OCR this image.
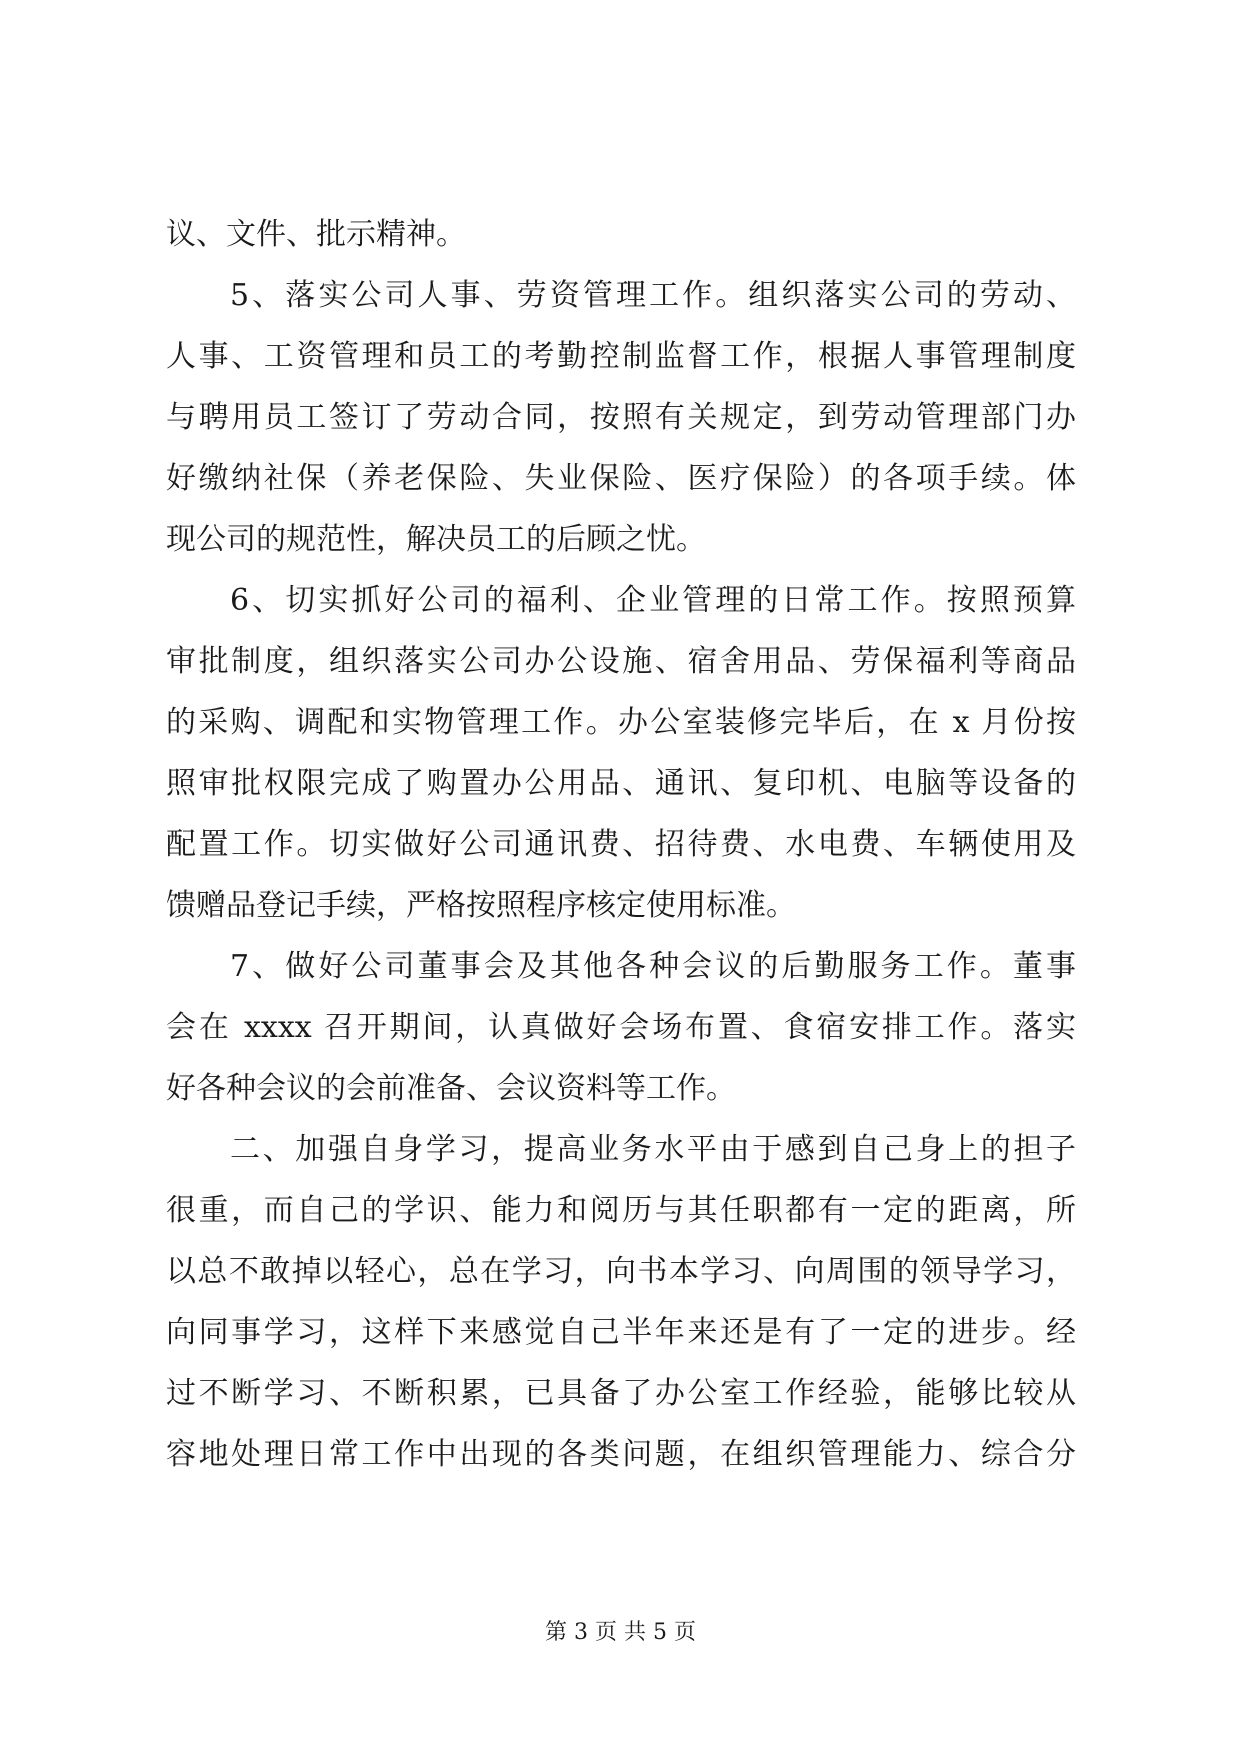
议、文件、批示精神。
5、落实公司人事、劳资管理工作。组织落实公司的劳动、
人事、工资管理和员工的考勤控制监督工作，根据人事管理制度
与聘用员工签订了劳动合同，按照有关规定，到劳动管理部门办
好缴纳社保（养老保险、失业保险、医疗保险）的各项手续。体
现公司的规范性，解决员工的后顾之忧。
6、切实抓好公司的福利、企业管理的日常工作。按照预算
审批制度，组织落实公司办公设施、宿舍用品、劳保福利等商品
的采购、调配和实物管理工作。办公室装修完毕后，在 x 月份按
照审批权限完成了购置办公用品、通讯、复印机、电脑等设备的
配置工作。切实做好公司通讯费、招待费、水电费、车辆使用及
馈赠品登记手续，严格按照程序核定使用标准。
7、做好公司董事会及其他各种会议的后勤服务工作。董事
会在 xxxx 召开期间，认真做好会场布置、食宿安排工作。落实
好各种会议的会前准备、会议资料等工作。
二、加强自身学习，提高业务水平由于感到自己身上的担子
很重，而自己的学识、能力和阅历与其任职都有一定的距离，所
以总不敢掉以轻心，总在学习，向书本学习、向周围的领导学习，
向同事学习，这样下来感觉自己半年来还是有了一定的进步。经
过不断学习、不断积累，已具备了办公室工作经验，能够比较从
容地处理日常工作中出现的各类问题，在组织管理能力、综合分
第 3 页 共 5 页
